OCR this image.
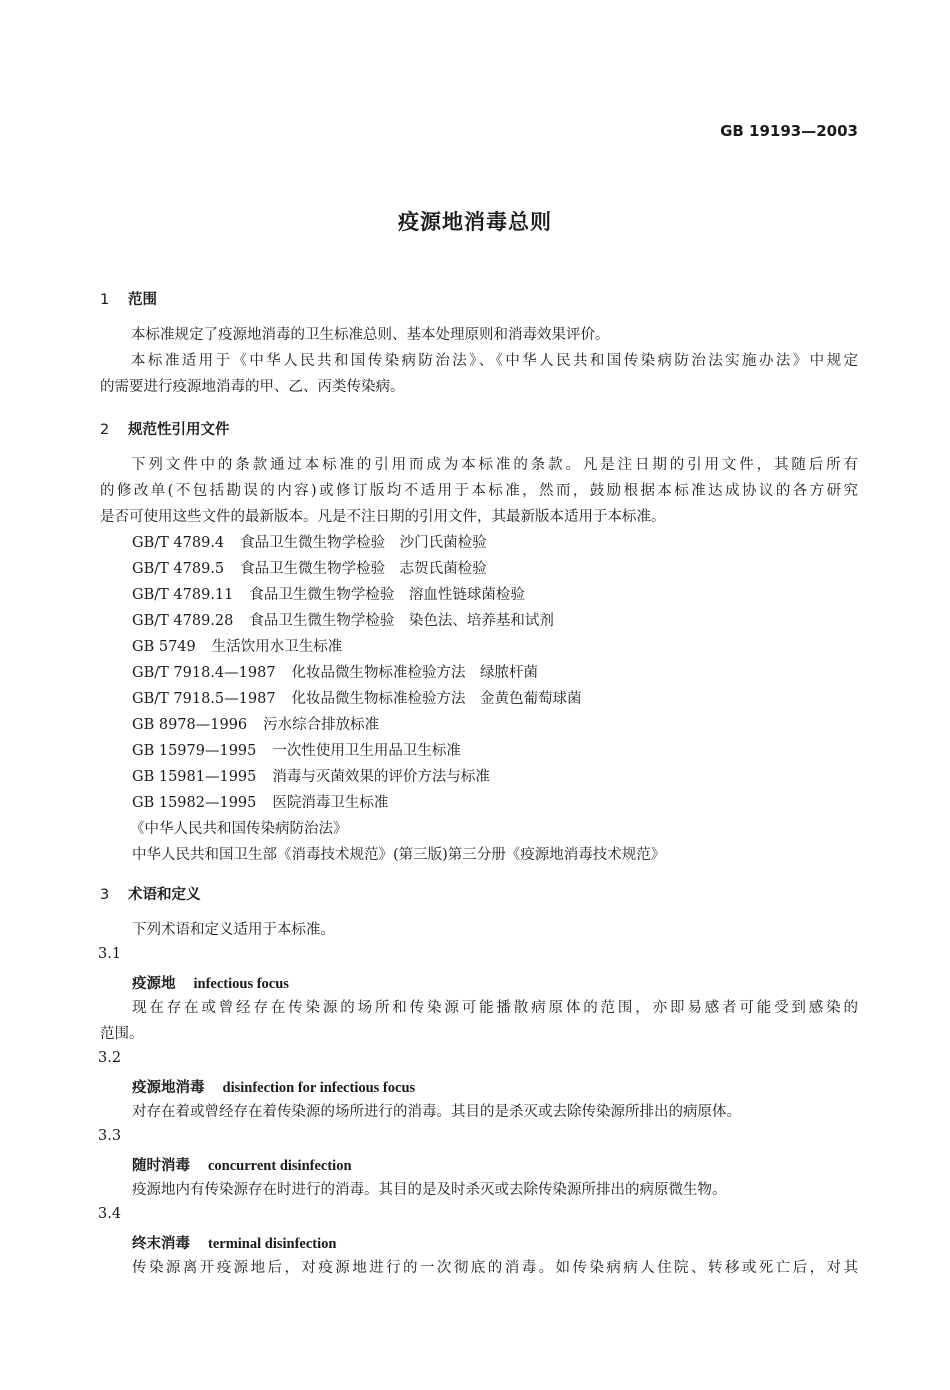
GB 19193—2003
疫源地消毒总则
1 范围
本标准规定了疫源地消毒的卫生标准总则、基本处理原则和消毒效果评价。
本标准适用于《中华人民共和国传染病防治法》、《中华人民共和国传染病防治法实施办法》中规定
的需要进行疫源地消毒的甲、乙、丙类传染病。
2 规范性引用文件
下列文件中的条款通过本标准的引用而成为本标准的条款。凡是注日期的引用文件，其随后所有
的修改单(不包括勘误的内容)或修订版均不适用于本标准，然而，鼓励根据本标准达成协议的各方研究
是否可使用这些文件的最新版本。凡是不注日期的引用文件，其最新版本适用于本标准。
GB/T 4789.4 食品卫生微生物学检验　沙门氏菌检验
GB/T 4789.5 食品卫生微生物学检验　志贺氏菌检验
GB/T 4789.11 食品卫生微生物学检验　溶血性链球菌检验
GB/T 4789.28 食品卫生微生物学检验　染色法、培养基和试剂
GB 5749 生活饮用水卫生标准
GB/T 7918.4—1987 化妆品微生物标准检验方法　绿脓杆菌
GB/T 7918.5—1987 化妆品微生物标准检验方法　金黄色葡萄球菌
GB 8978—1996 污水综合排放标准
GB 15979—1995 一次性使用卫生用品卫生标准
GB 15981—1995 消毒与灭菌效果的评价方法与标准
GB 15982—1995 医院消毒卫生标准
《中华人民共和国传染病防治法》
中华人民共和国卫生部《消毒技术规范》(第三版)第三分册《疫源地消毒技术规范》
3 术语和定义
下列术语和定义适用于本标准。
3.1
疫源地 infectious focus
现在存在或曾经存在传染源的场所和传染源可能播散病原体的范围，亦即易感者可能受到感染的
范围。
3.2
疫源地消毒 disinfection for infectious focus
对存在着或曾经存在着传染源的场所进行的消毒。其目的是杀灭或去除传染源所排出的病原体。
3.3
随时消毒 concurrent disinfection
疫源地内有传染源存在时进行的消毒。其目的是及时杀灭或去除传染源所排出的病原微生物。
3.4
终末消毒 terminal disinfection
传染源离开疫源地后，对疫源地进行的一次彻底的消毒。如传染病病人住院、转移或死亡后，对其
